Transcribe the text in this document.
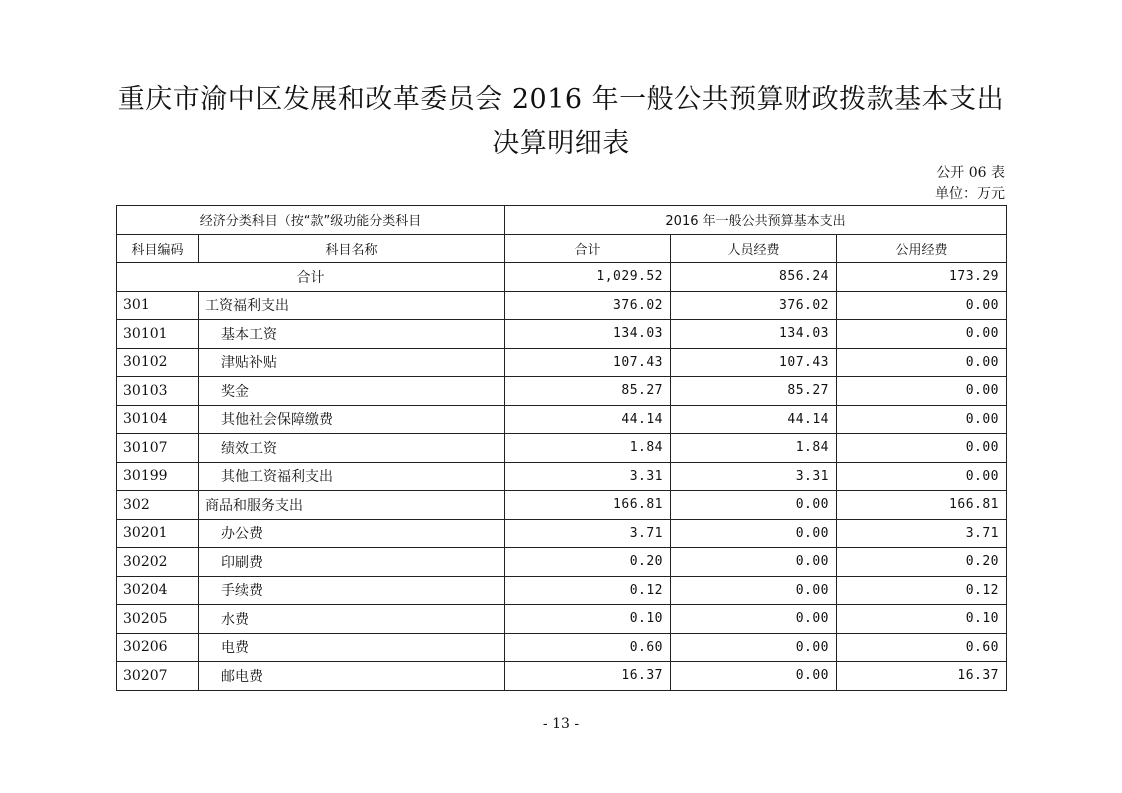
重庆市渝中区发展和改革委员会 2016 年一般公共预算财政拨款基本支出
决算明细表
公开 06 表
单位：万元
经济分类科目（按“款”级功能分类科目		2016 年一般公共预算基本支出		
科目编码	科目名称	合计	人员经费	公用经费
合计		1,029.52	856.24	173.29
301	工资福利支出	376.02	376.02	0.00
30101	基本工资	134.03	134.03	0.00
30102	津贴补贴	107.43	107.43	0.00
30103	奖金	85.27	85.27	0.00
30104	其他社会保障缴费	44.14	44.14	0.00
30107	绩效工资	1.84	1.84	0.00
30199	其他工资福利支出	3.31	3.31	0.00
302	商品和服务支出	166.81	0.00	166.81
30201	办公费	3.71	0.00	3.71
30202	印刷费	0.20	0.00	0.20
30204	手续费	0.12	0.00	0.12
30205	水费	0.10	0.00	0.10
30206	电费	0.60	0.00	0.60
30207	邮电费	16.37	0.00	16.37
- 13 -
